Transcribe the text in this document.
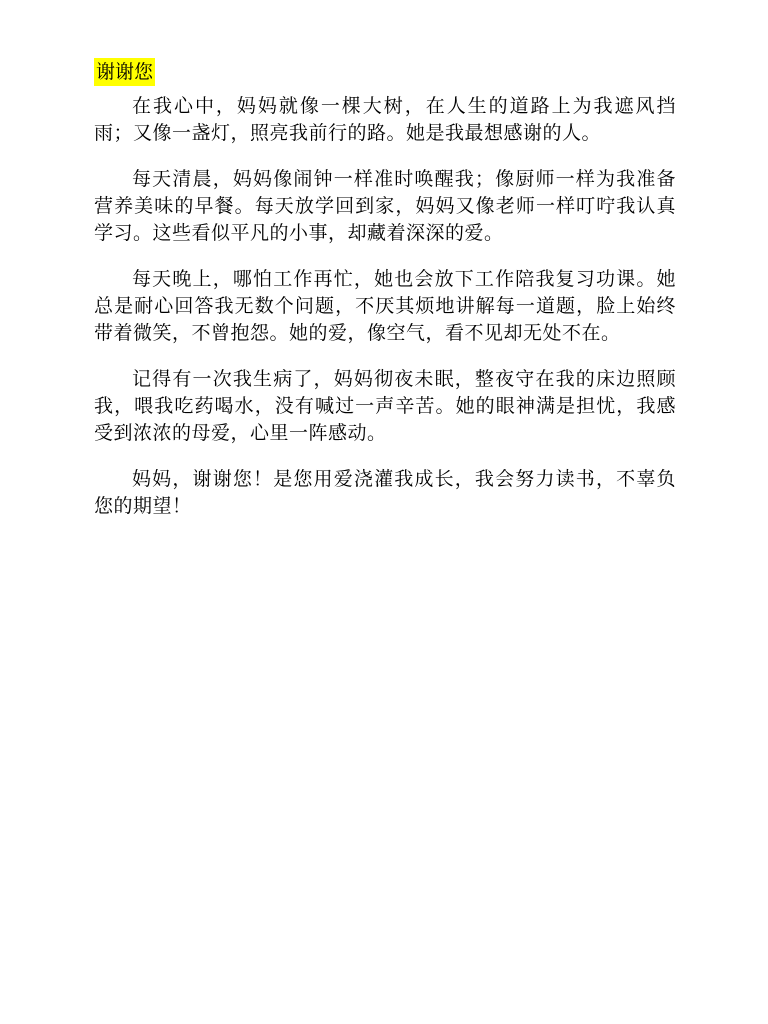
谢谢您

在我心中，妈妈就像一棵大树，在人生的道路上为我遮风挡雨；又像一盏灯，照亮我前行的路。她是我最想感谢的人。

每天清晨，妈妈像闹钟一样准时唤醒我；像厨师一样为我准备营养美味的早餐。每天放学回到家，妈妈又像老师一样叮咛我认真学习。这些看似平凡的小事，却藏着深深的爱。

每天晚上，哪怕工作再忙，她也会放下工作陪我复习功课。她总是耐心回答我无数个问题，不厌其烦地讲解每一道题，脸上始终带着微笑，不曾抱怨。她的爱，像空气，看不见却无处不在。

记得有一次我生病了，妈妈彻夜未眠，整夜守在我的床边照顾我，喂我吃药喝水，没有喊过一声辛苦。她的眼神满是担忧，我感受到浓浓的母爱，心里一阵感动。

妈妈，谢谢您！是您用爱浇灌我成长，我会努力读书，不辜负您的期望！
